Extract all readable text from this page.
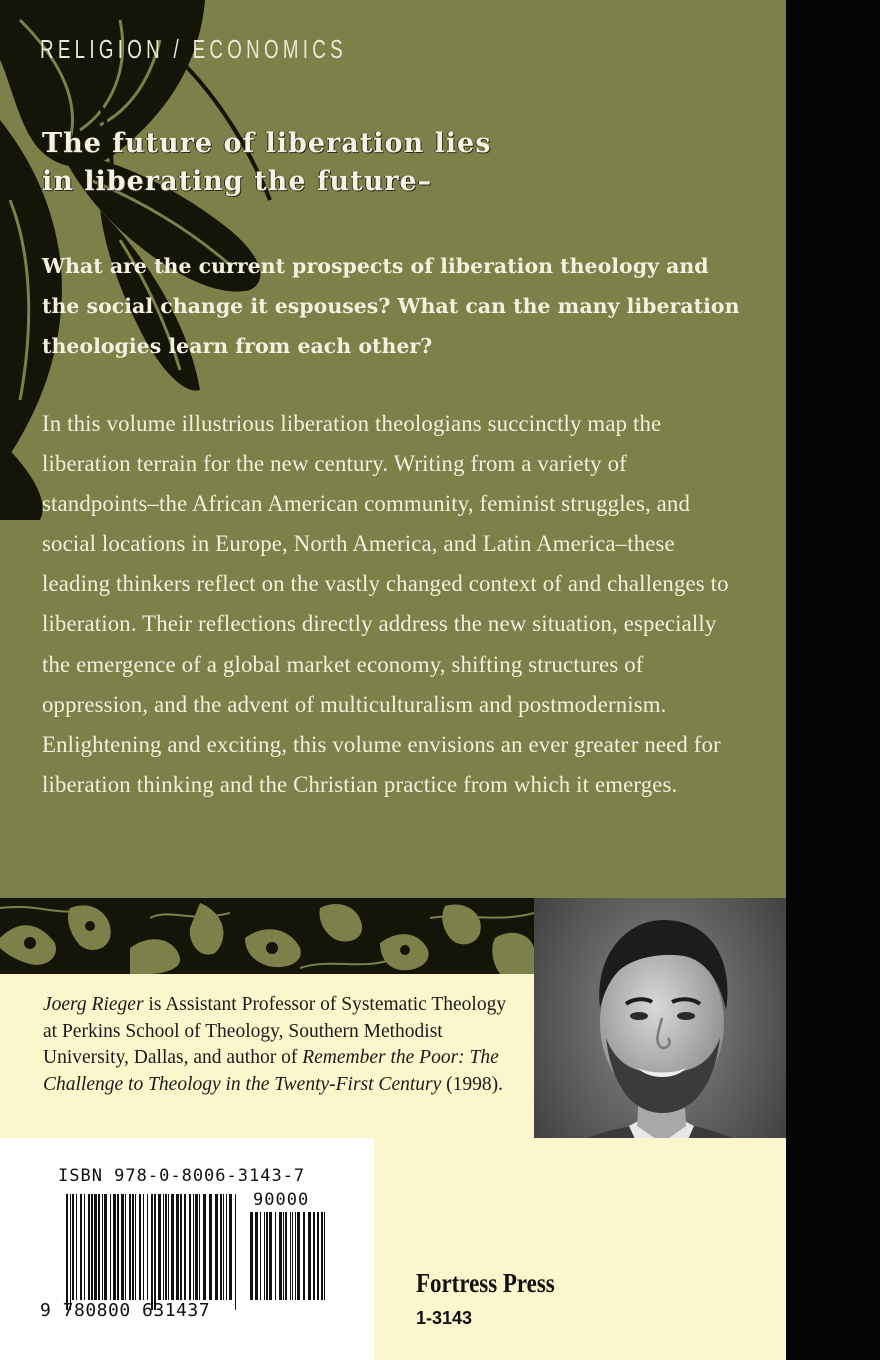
RELIGION / ECONOMICS
The future of liberation lies
in liberating the future–
What are the current prospects of liberation theology and the social change it espouses? What can the many liberation theologies learn from each other?
In this volume illustrious liberation theologians succinctly map the liberation terrain for the new century. Writing from a variety of standpoints–the African American community, feminist struggles, and social locations in Europe, North America, and Latin America–these leading thinkers reflect on the vastly changed context of and challenges to liberation. Their reflections directly address the new situation, especially the emergence of a global market economy, shifting structures of oppression, and the advent of multiculturalism and postmodernism. Enlightening and exciting, this volume envisions an ever greater need for liberation thinking and the Christian practice from which it emerges.
Joerg Rieger is Assistant Professor of Systematic Theology at Perkins School of Theology, Southern Methodist University, Dallas, and author of Remember the Poor: The Challenge to Theology in the Twenty-First Century (1998).
ISBN 978-0-8006-3143-7
90000
9 780800 631437
Fortress Press
1-3143
